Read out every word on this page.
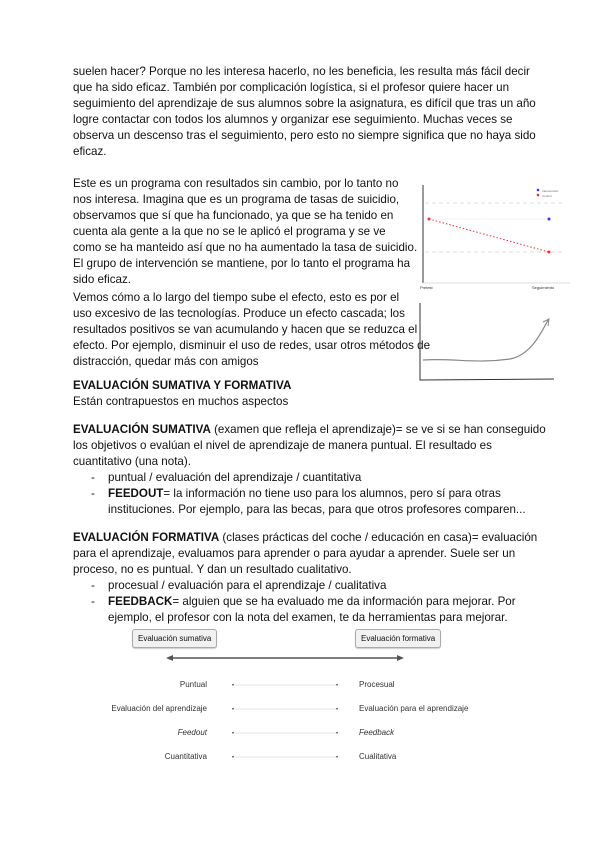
suelen hacer? Porque no les interesa hacerlo, no les beneficia, les resulta más fácil decir
que ha sido eficaz. También por complicación logística, si el profesor quiere hacer un
seguimiento del aprendizaje de sus alumnos sobre la asignatura, es difícil que tras un año
logre contactar con todos los alumnos y organizar ese seguimiento. Muchas veces se
observa un descenso tras el seguimiento, pero esto no siempre significa que no haya sido
eficaz.
Este es un programa con resultados sin cambio, por lo tanto no
nos interesa. Imagina que es un programa de tasas de suicidio,
observamos que sí que ha funcionado, ya que se ha tenido en
cuenta ala gente a la que no se le aplicó el programa y se ve
como se ha manteido así que no ha aumentado la tasa de suicidio.
El grupo de intervención se mantiene, por lo tanto el programa ha
sido eficaz.
Vemos cómo a lo largo del tiempo sube el efecto, esto es por el
uso excesivo de las tecnologías. Produce un efecto cascada; los
resultados positivos se van acumulando y hacen que se reduzca el
efecto. Por ejemplo, disminuir el uso de redes, usar otros métodos de
distracción, quedar más con amigos
Intervención
Control
Pretest	Seguimiento
EVALUACIÓN SUMATIVA Y FORMATIVA
Están contrapuestos en muchos aspectos
EVALUACIÓN SUMATIVA (examen que refleja el aprendizaje)= se ve si se han conseguido
los objetivos o evalúan el nivel de aprendizaje de manera puntual. El resultado es
cuantitativo (una nota).
- puntual / evaluación del aprendizaje / cuantitativa
- FEEDOUT= la información no tiene uso para los alumnos, pero sí para otras
instituciones. Por ejemplo, para las becas, para que otros profesores comparen...
EVALUACIÓN FORMATIVA (clases prácticas del coche / educación en casa)= evaluación
para el aprendizaje, evaluamos para aprender o para ayudar a aprender. Suele ser un
proceso, no es puntual. Y dan un resultado cualitativo.
- procesual / evaluación para el aprendizaje / cualitativa
- FEEDBACK= alguien que se ha evaluado me da información para mejorar. Por
ejemplo, el profesor con la nota del examen, te da herramientas para mejorar.
Evaluación sumativa	Evaluación formativa
Puntual	Procesual
Evaluación del aprendizaje	Evaluación para el aprendizaje
Feedout	Feedback
Cuantitativa	Cualitativa
